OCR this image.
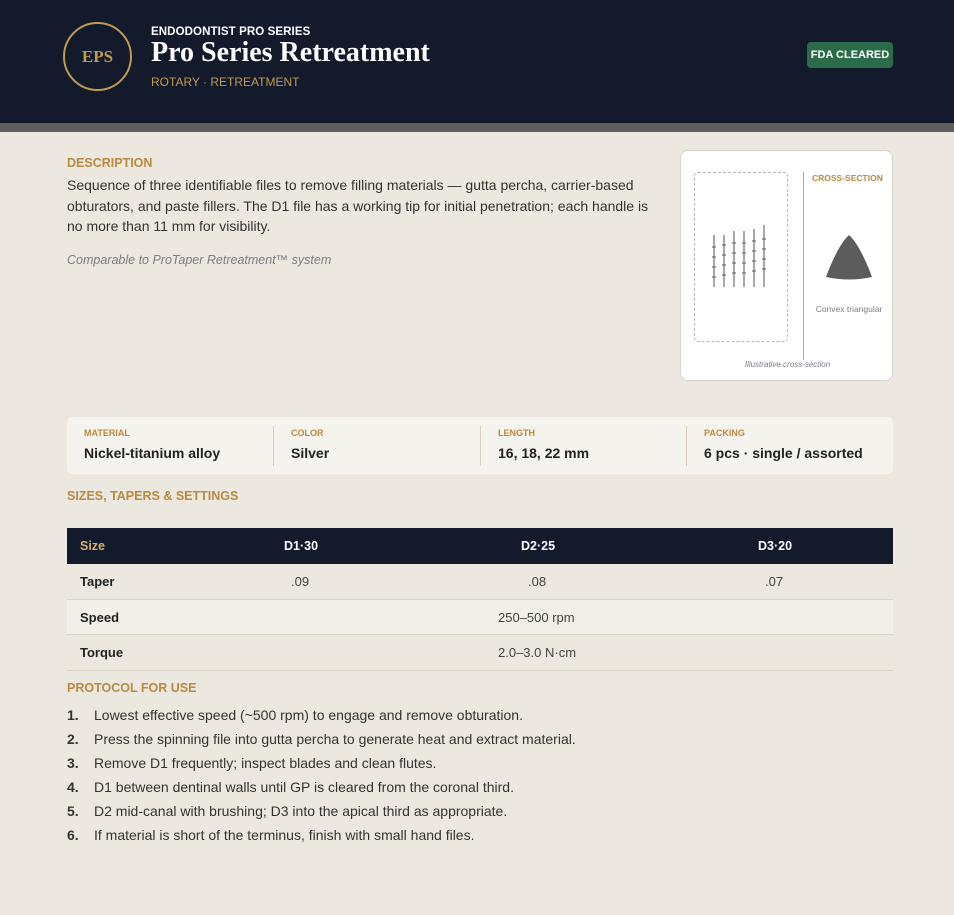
EPS
ENDODONTIST PRO SERIES
Pro Series Retreatment
ROTARY · RETREATMENT
FDA CLEARED
DESCRIPTION
Sequence of three identifiable files to remove filling materials — gutta percha, carrier-based obturators, and paste fillers. The D1 file has a working tip for initial penetration; each handle is no more than 11 mm for visibility.
Comparable to ProTaper Retreatment™ system
CROSS-SECTION
Convex triangular
Illustrative cross-section
MATERIAL
Nickel-titanium alloy
COLOR
Silver
LENGTH
16, 18, 22 mm
PACKING
6 pcs · single / assorted
SIZES, TAPERS & SETTINGS
Size	D1·30	D2·25	D3·20
Taper	.09	.08	.07
Speed	250–500 rpm
Torque	2.0–3.0 N·cm
PROTOCOL FOR USE
1. Lowest effective speed (~500 rpm) to engage and remove obturation.
2. Press the spinning file into gutta percha to generate heat and extract material.
3. Remove D1 frequently; inspect blades and clean flutes.
4. D1 between dentinal walls until GP is cleared from the coronal third.
5. D2 mid-canal with brushing; D3 into the apical third as appropriate.
6. If material is short of the terminus, finish with small hand files.
